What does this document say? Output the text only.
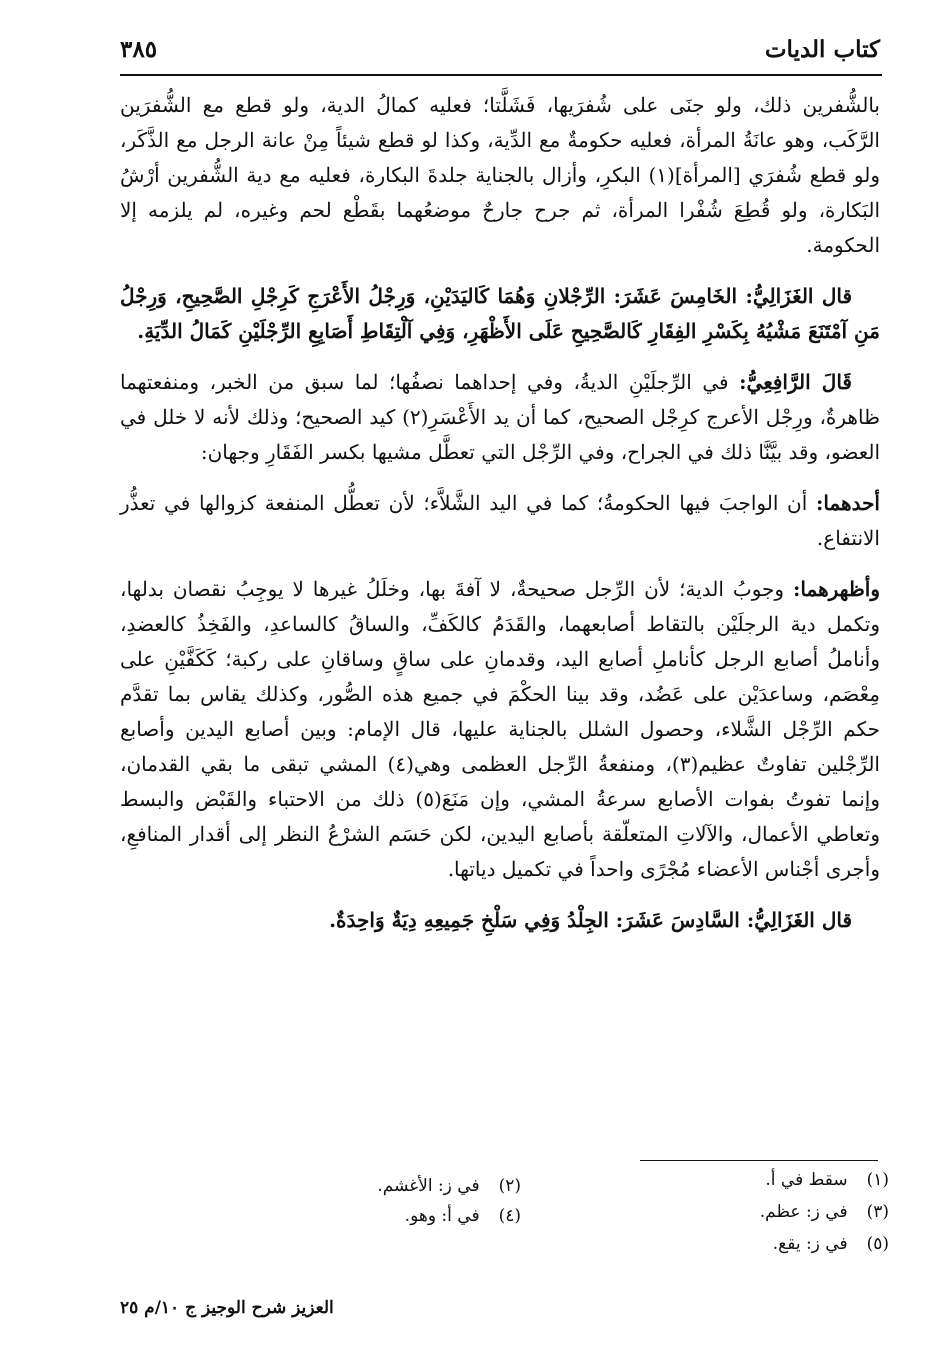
كتاب الديات
٣٨٥

بالشُّفرين ذلك، ولو جنَى على شُفرَيها، فَشَلَّتا؛ فعليه كمالُ الدية، ولو قطع مع الشُّفرَين الرَّكَب، وهو عانَةُ المرأة، فعليه حكومةٌ مع الدِّية، وكذا لو قطع شيئاً مِنْ عانة الرجل مع الذَّكَر، ولو قطع شُفرَي [المرأة](١) البكرِ، وأزال بالجناية جلدةَ البكارة، فعليه مع دية الشُّفرين أرْشُ البَكارة، ولو قُطِعَ شُفْرا المرأة، ثم جرح جارحٌ موضعُهما بقَطْع لحم وغيره، لم يلزمه إلا الحكومة.

قال الغَزَالِيُّ: الخَامِسَ عَشَرَ: الرِّجْلانِ وَهُمَا كَاليَدَيْنِ، وَرِجْلُ الأَعْرَجِ كَرِجْلِ الصَّحِيحِ، وَرِجْلُ مَنِ آمْتَنَعَ مَشْيُهُ بِكَسْرِ الفِقَارِ كَالصَّحِيحِ عَلَى الأَظْهَرِ، وَفِي آلْتِقَاطِ أَصَابِعِ الرِّجْلَيْنِ كَمَالُ الدِّيَةِ.

قَالَ الرَّافِعِيُّ: في الرِّجلَيْنِ الديةُ، وفي إحداهما نصفُها؛ لما سبق من الخبر، ومنفعتهما ظاهرةٌ، ورِجْل الأعرج كرِجْل الصحيح، كما أن يد الأَعْسَرِ(٢) كيد الصحيح؛ وذلك لأنه لا خلل في العضو، وقد بيَّنَّا ذلك في الجراح، وفي الرِّجْل التي تعطَّل مشيها بكسر الفَقَارِ وجهان:

أحدهما: أن الواجبَ فيها الحكومةُ؛ كما في اليد الشَّلاَّء؛ لأن تعطُّل المنفعة كزوالها في تعذُّر الانتفاع.

وأظهرهما: وجوبُ الدية؛ لأن الرِّجل صحيحةٌ، لا آفةَ بها، وخلَلُ غيرها لا يوجِبُ نقصان بدلها، وتكمل دية الرجلَيْن بالتقاط أصابعهما، والقَدَمُ كالكَفِّ، والساقُ كالساعدِ، والفَخِذُ كالعضدِ، وأناملُ أصابع الرجل كأناملِ أصابع اليد، وقدمانِ على ساقٍ وساقانِ على ركبة؛ كَكَفَّيْنِ على مِعْصَم، وساعدَيْن على عَضُد، وقد بينا الحكْمَ في جميع هذه الصُّور، وكذلك يقاس بما تقدَّم حكم الرِّجْل الشَّلاء، وحصول الشلل بالجناية عليها، قال الإمام: وبين أصابع اليدين وأصابع الرِّجْلين تفاوتٌ عظيم(٣)، ومنفعةُ الرِّجل العظمى وهي(٤) المشي تبقى ما بقي القدمان، وإنما تفوتُ بفوات الأصابع سرعةُ المشي، وإن مَنَعَ(٥) ذلك من الاحتباء والقَبْض والبسط وتعاطي الأعمال، والآلاتِ المتعلّقة بأصابع اليدين، لكن حَسَم الشرْعُ النظر إلى أقدار المنافعِ، وأجرى أجْناس الأعضاء مُجْرًى واحداً في تكميل دياتها.

قال الغَزَالِيُّ: السَّادِسَ عَشَرَ: الجِلْدُ وَفِي سَلْخِ جَمِيعِهِ دِيَةٌ وَاحِدَةٌ.

(١) سقط في أ.
(٢) في ز: الأغشم.
(٣) في ز: عظم.
(٤) في أ: وهو.
(٥) في ز: يقع.
العزيز شرح الوجيز ج ١٠/م ٢٥
